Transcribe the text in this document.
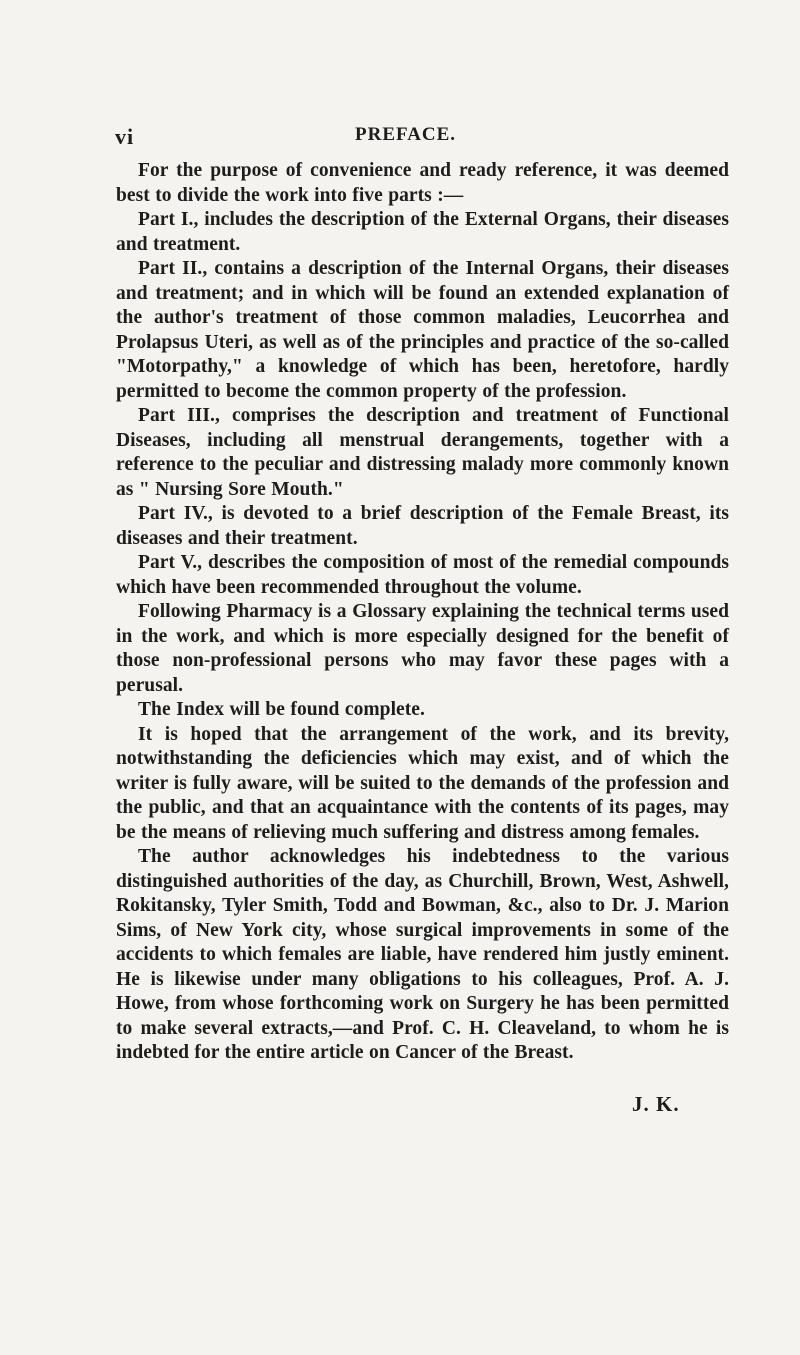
vi	PREFACE.

For the purpose of convenience and ready reference, it was deemed best to divide the work into five parts :—

Part I., includes the description of the External Organs, their diseases and treatment.

Part II., contains a description of the Internal Organs, their diseases and treatment; and in which will be found an extended explanation of the author's treatment of those common maladies, Leucorrhea and Prolapsus Uteri, as well as of the principles and practice of the so-called "Motorpathy," a knowledge of which has been, heretofore, hardly permitted to become the common property of the profession.

Part III., comprises the description and treatment of Functional Diseases, including all menstrual derangements, together with a reference to the peculiar and distressing malady more commonly known as " Nursing Sore Mouth."

Part IV., is devoted to a brief description of the Female Breast, its diseases and their treatment.

Part V., describes the composition of most of the remedial compounds which have been recommended throughout the volume.

Following Pharmacy is a Glossary explaining the technical terms used in the work, and which is more especially designed for the benefit of those non-professional persons who may favor these pages with a perusal.

The Index will be found complete.

It is hoped that the arrangement of the work, and its brevity, notwithstanding the deficiencies which may exist, and of which the writer is fully aware, will be suited to the demands of the profession and the public, and that an acquaintance with the contents of its pages, may be the means of relieving much suffering and distress among females.

The author acknowledges his indebtedness to the various distinguished authorities of the day, as Churchill, Brown, West, Ashwell, Rokitansky, Tyler Smith, Todd and Bowman, &c., also to Dr. J. Marion Sims, of New York city, whose surgical improvements in some of the accidents to which females are liable, have rendered him justly eminent. He is likewise under many obligations to his colleagues, Prof. A. J. Howe, from whose forthcoming work on Surgery he has been permitted to make several extracts,—and Prof. C. H. Cleaveland, to whom he is indebted for the entire article on Cancer of the Breast.

J. K.
